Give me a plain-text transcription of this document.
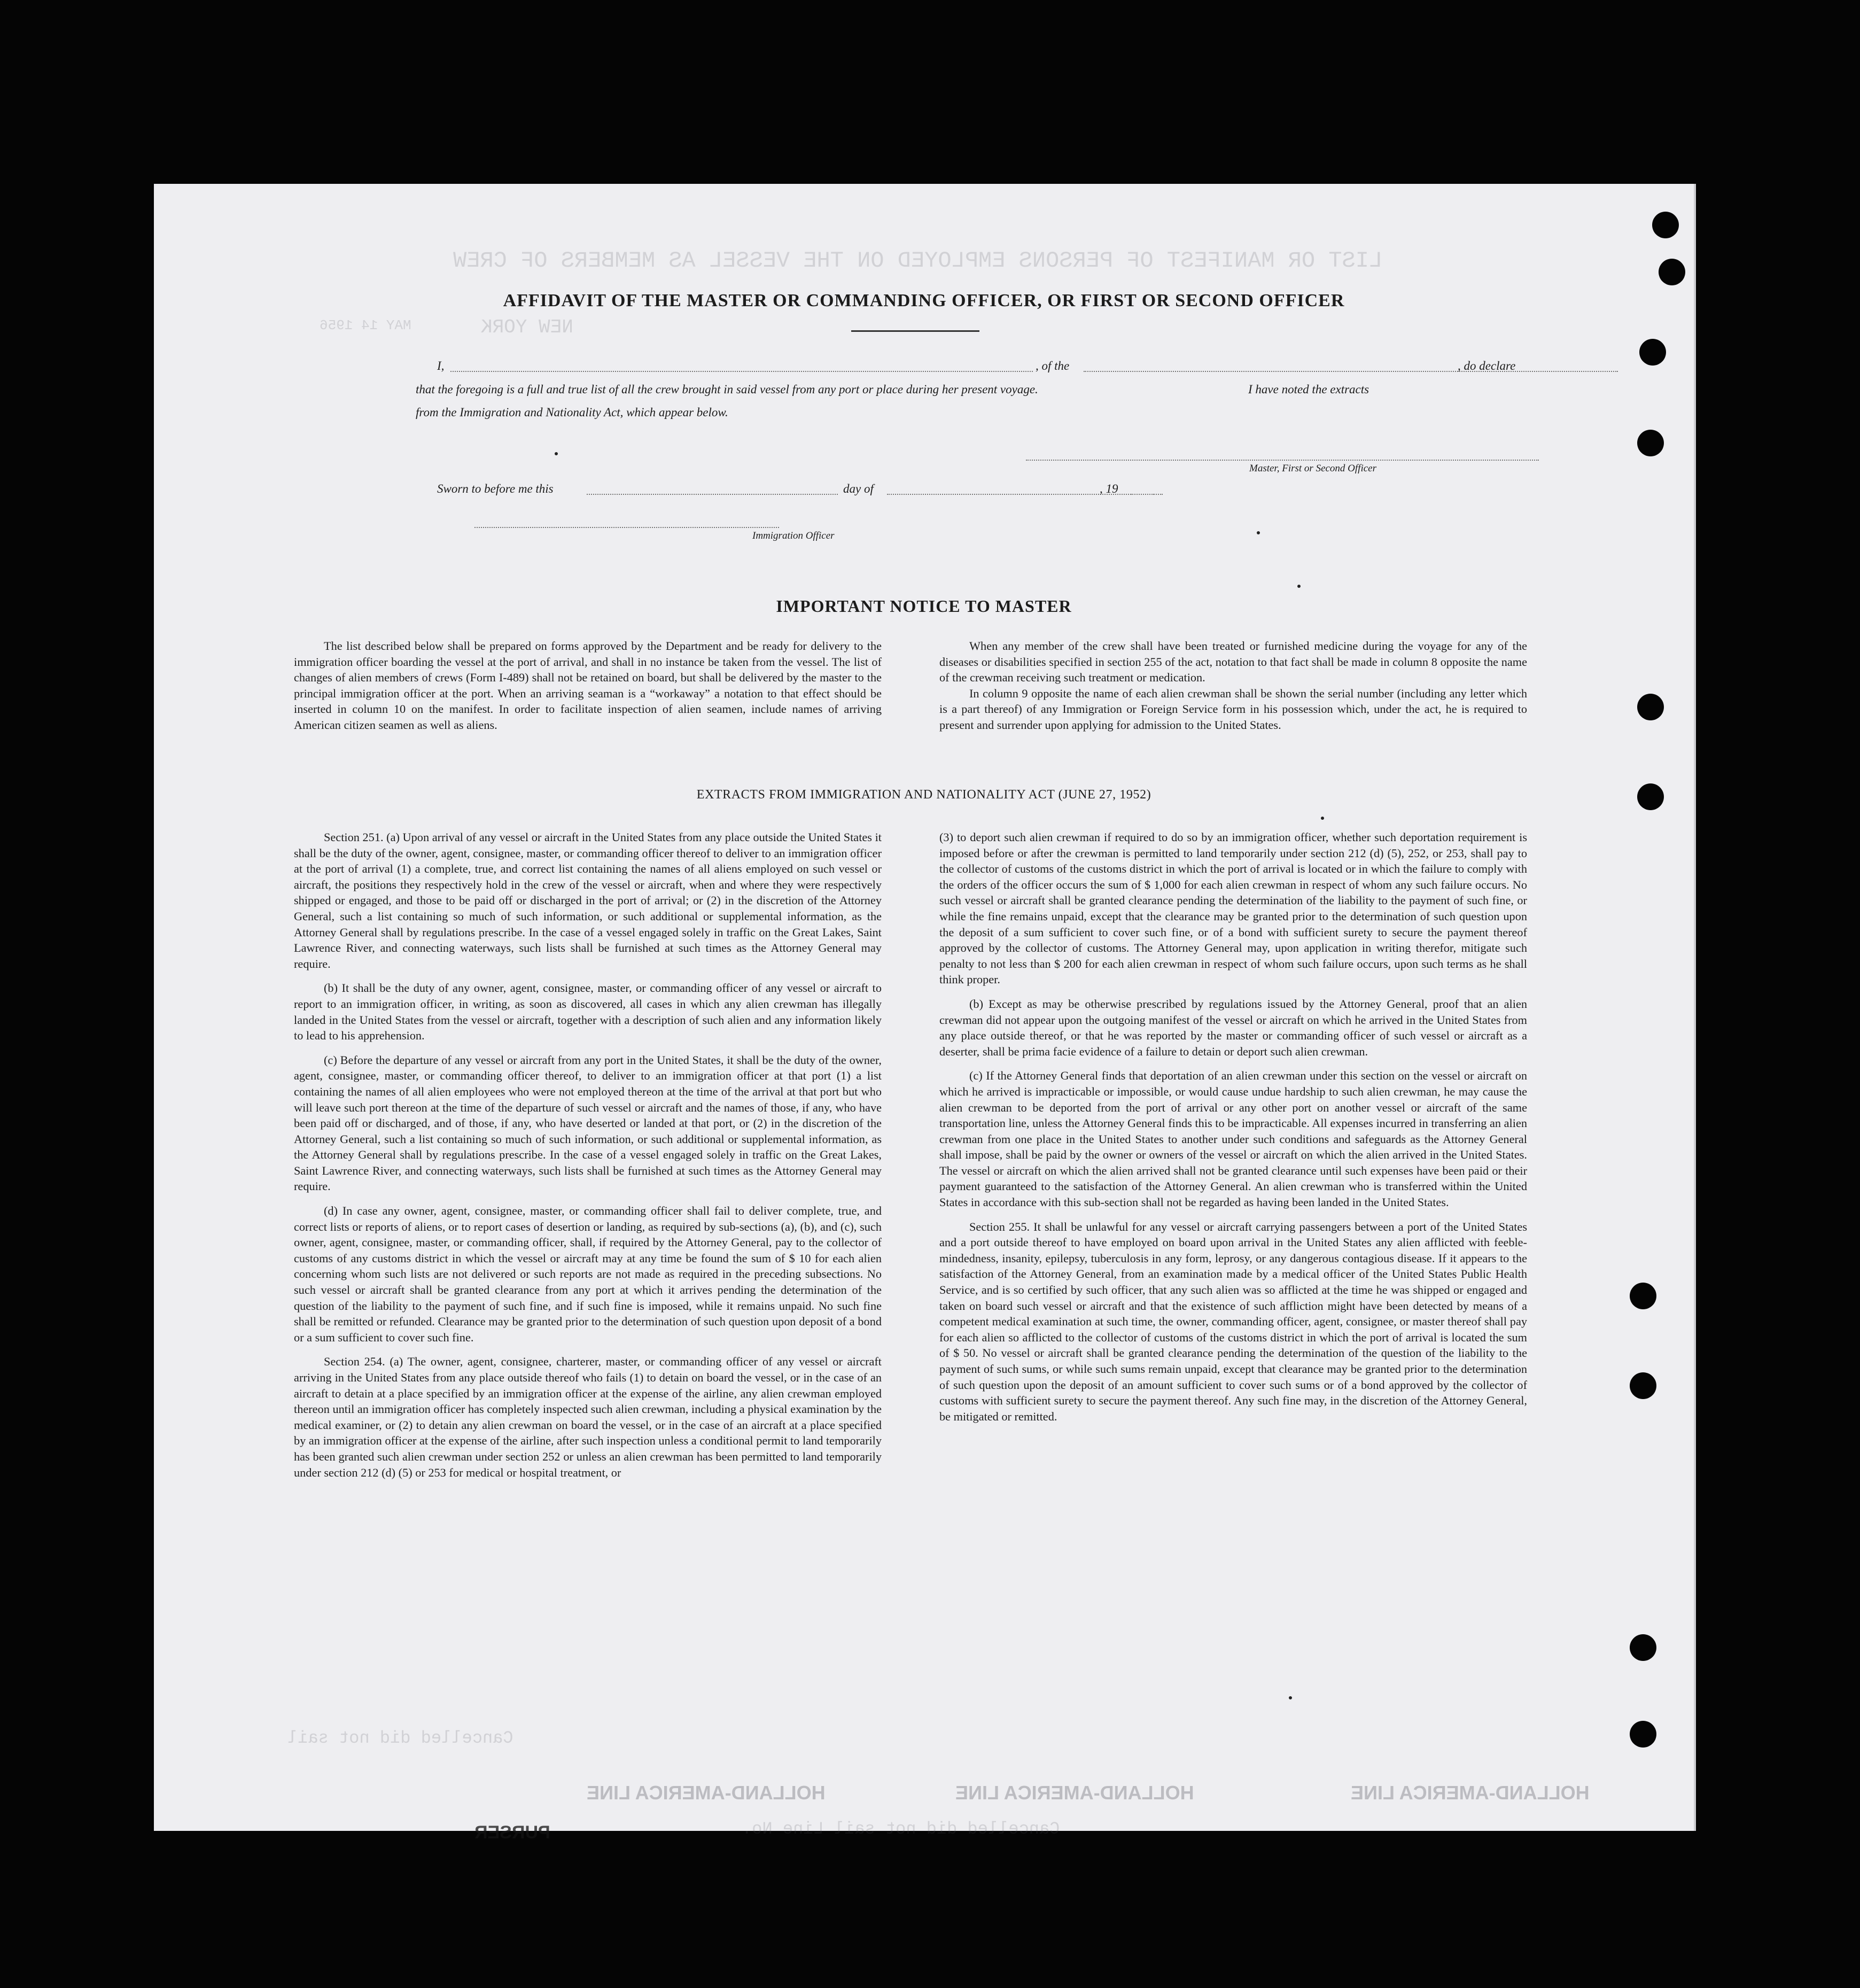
LIST OR MANIFEST OF PERSONS EMPLOYED ON THE VESSEL AS MEMBERS OF CREW
NEW YORK
MAY 14 1956
Cancelled did not sail
Cancelled did not sail Line No.
HOLLAND-AMERICA LINE	HOLLAND-AMERICA LINE	HOLLAND-AMERICA LINE
PURSER
AFFIDAVIT OF THE MASTER OR COMMANDING OFFICER, OR FIRST OR SECOND OFFICER
I,	, of the	, do declare
that the foregoing is a full and true list of all the crew brought in said vessel from any port or place during her present voyage.	I have noted the extracts
from the Immigration and Nationality Act, which appear below.
Master, First or Second Officer
Sworn to before me this	day of	, 19
Immigration Officer
IMPORTANT NOTICE TO MASTER

The list described below shall be prepared on forms approved by the Department and be ready for delivery to the immigration officer boarding the vessel at the port of arrival, and shall in no instance be taken from the vessel. The list of changes of alien members of crews (Form I-489) shall not be retained on board, but shall be delivered by the master to the principal immigration officer at the port. When an arriving seaman is a “workaway” a notation to that effect should be inserted in column 10 on the manifest. In order to facilitate inspection of alien seamen, include names of arriving American citizen seamen as well as aliens.

When any member of the crew shall have been treated or furnished medicine during the voyage for any of the diseases or disabilities specified in section 255 of the act, notation to that fact shall be made in column 8 opposite the name of the crewman receiving such treatment or medication.

In column 9 opposite the name of each alien crewman shall be shown the serial number (including any letter which is a part thereof) of any Immigration or Foreign Service form in his possession which, under the act, he is required to present and surrender upon applying for admission to the United States.

EXTRACTS FROM IMMIGRATION AND NATIONALITY ACT (JUNE 27, 1952)

Section 251. (a) Upon arrival of any vessel or aircraft in the United States from any place outside the United States it shall be the duty of the owner, agent, consignee, master, or commanding officer thereof to deliver to an immigration officer at the port of arrival (1) a complete, true, and correct list containing the names of all aliens employed on such vessel or aircraft, the positions they respectively hold in the crew of the vessel or aircraft, when and where they were respectively shipped or engaged, and those to be paid off or discharged in the port of arrival; or (2) in the discretion of the Attorney General, such a list containing so much of such information, or such additional or supplemental information, as the Attorney General shall by regulations prescribe. In the case of a vessel engaged solely in traffic on the Great Lakes, Saint Lawrence River, and connecting waterways, such lists shall be furnished at such times as the Attorney General may require.

(b) It shall be the duty of any owner, agent, consignee, master, or commanding officer of any vessel or aircraft to report to an immigration officer, in writing, as soon as discovered, all cases in which any alien crewman has illegally landed in the United States from the vessel or aircraft, together with a description of such alien and any information likely to lead to his apprehension.

(c) Before the departure of any vessel or aircraft from any port in the United States, it shall be the duty of the owner, agent, consignee, master, or commanding officer thereof, to deliver to an immigration officer at that port (1) a list containing the names of all alien employees who were not employed thereon at the time of the arrival at that port but who will leave such port thereon at the time of the departure of such vessel or aircraft and the names of those, if any, who have been paid off or discharged, and of those, if any, who have deserted or landed at that port, or (2) in the discretion of the Attorney General, such a list containing so much of such information, or such additional or supplemental information, as the Attorney General shall by regulations prescribe. In the case of a vessel engaged solely in traffic on the Great Lakes, Saint Lawrence River, and connecting waterways, such lists shall be furnished at such times as the Attorney General may require.

(d) In case any owner, agent, consignee, master, or commanding officer shall fail to deliver complete, true, and correct lists or reports of aliens, or to report cases of desertion or landing, as required by sub-sections (a), (b), and (c), such owner, agent, consignee, master, or commanding officer, shall, if required by the Attorney General, pay to the collector of customs of any customs district in which the vessel or aircraft may at any time be found the sum of $ 10 for each alien concerning whom such lists are not delivered or such reports are not made as required in the preceding subsections. No such vessel or aircraft shall be granted clearance from any port at which it arrives pending the determination of the question of the liability to the payment of such fine, and if such fine is imposed, while it remains unpaid. No such fine shall be remitted or refunded. Clearance may be granted prior to the determination of such question upon deposit of a bond or a sum sufficient to cover such fine.

Section 254. (a) The owner, agent, consignee, charterer, master, or commanding officer of any vessel or aircraft arriving in the United States from any place outside thereof who fails (1) to detain on board the vessel, or in the case of an aircraft to detain at a place specified by an immigration officer at the expense of the airline, any alien crewman employed thereon until an immigration officer has completely inspected such alien crewman, including a physical examination by the medical examiner, or (2) to detain any alien crewman on board the vessel, or in the case of an aircraft at a place specified by an immigration officer at the expense of the airline, after such inspection unless a conditional permit to land temporarily has been granted such alien crewman under section 252 or unless an alien crewman has been permitted to land temporarily under section 212 (d) (5) or 253 for medical or hospital treatment, or

(3) to deport such alien crewman if required to do so by an immigration officer, whether such deportation requirement is imposed before or after the crewman is permitted to land temporarily under section 212 (d) (5), 252, or 253, shall pay to the collector of customs of the customs district in which the port of arrival is located or in which the failure to comply with the orders of the officer occurs the sum of $ 1,000 for each alien crewman in respect of whom any such failure occurs. No such vessel or aircraft shall be granted clearance pending the determination of the liability to the payment of such fine, or while the fine remains unpaid, except that the clearance may be granted prior to the determination of such question upon the deposit of a sum sufficient to cover such fine, or of a bond with sufficient surety to secure the payment thereof approved by the collector of customs. The Attorney General may, upon application in writing therefor, mitigate such penalty to not less than $ 200 for each alien crewman in respect of whom such failure occurs, upon such terms as he shall think proper.

(b) Except as may be otherwise prescribed by regulations issued by the Attorney General, proof that an alien crewman did not appear upon the outgoing manifest of the vessel or aircraft on which he arrived in the United States from any place outside thereof, or that he was reported by the master or commanding officer of such vessel or aircraft as a deserter, shall be prima facie evidence of a failure to detain or deport such alien crewman.

(c) If the Attorney General finds that deportation of an alien crewman under this section on the vessel or aircraft on which he arrived is impracticable or impossible, or would cause undue hardship to such alien crewman, he may cause the alien crewman to be deported from the port of arrival or any other port on another vessel or aircraft of the same transportation line, unless the Attorney General finds this to be impracticable. All expenses incurred in transferring an alien crewman from one place in the United States to another under such conditions and safeguards as the Attorney General shall impose, shall be paid by the owner or owners of the vessel or aircraft on which the alien arrived in the United States. The vessel or aircraft on which the alien arrived shall not be granted clearance until such expenses have been paid or their payment guaranteed to the satisfaction of the Attorney General. An alien crewman who is transferred within the United States in accordance with this sub-section shall not be regarded as having been landed in the United States.

Section 255. It shall be unlawful for any vessel or aircraft carrying passengers between a port of the United States and a port outside thereof to have employed on board upon arrival in the United States any alien afflicted with feeble-mindedness, insanity, epilepsy, tuberculosis in any form, leprosy, or any dangerous contagious disease. If it appears to the satisfaction of the Attorney General, from an examination made by a medical officer of the United States Public Health Service, and is so certified by such officer, that any such alien was so afflicted at the time he was shipped or engaged and taken on board such vessel or aircraft and that the existence of such affliction might have been detected by means of a competent medical examination at such time, the owner, commanding officer, agent, consignee, or master thereof shall pay for each alien so afflicted to the collector of customs of the customs district in which the port of arrival is located the sum of $ 50. No vessel or aircraft shall be granted clearance pending the determination of the question of the liability to the payment of such sums, or while such sums remain unpaid, except that clearance may be granted prior to the determination of such question upon the deposit of an amount sufficient to cover such sums or of a bond approved by the collector of customs with sufficient surety to secure the payment thereof. Any such fine may, in the discretion of the Attorney General, be mitigated or remitted.
